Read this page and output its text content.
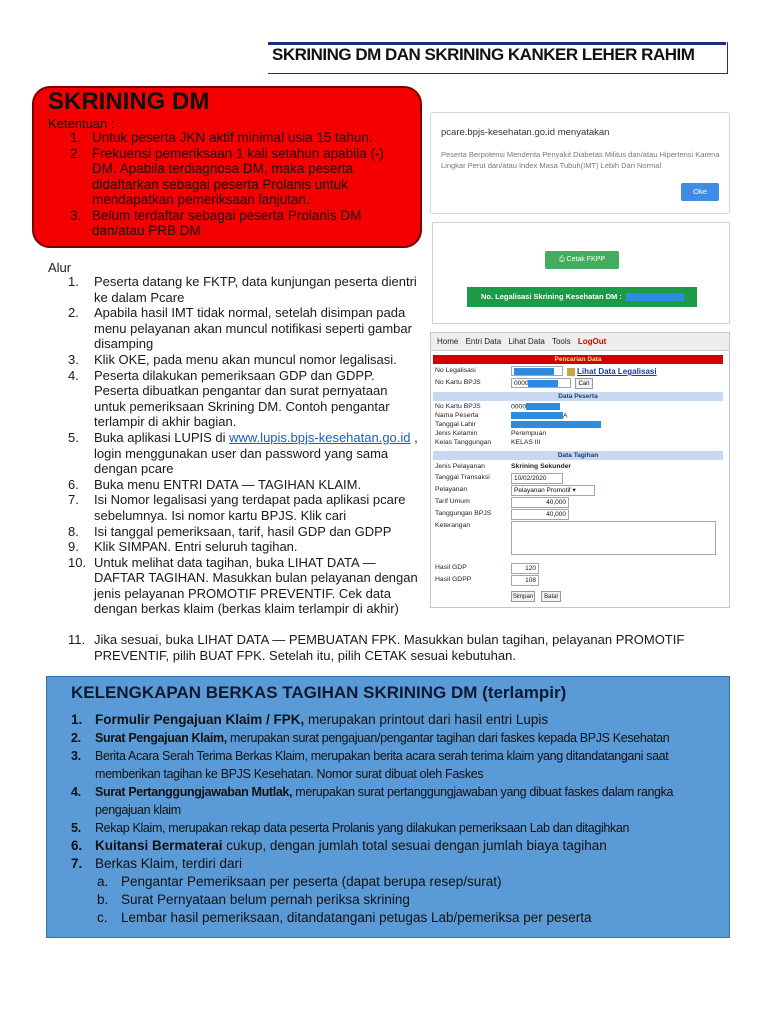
SKRINING DM DAN SKRINING KANKER LEHER RAHIM
SKRINING DM
Ketentuan :
1. Untuk peserta JKN aktif minimal usia 15 tahun.
2. Frekuensi pemeriksaan 1 kali setahun apabila (-) DM. Apabila terdiagnosa DM, maka peserta didaftarkan sebagai peserta Prolanis untuk mendapatkan pemeriksaan lanjutan.
3. Belum terdaftar sebagai peserta Prolanis DM dan/atau PRB DM
Alur
1. Peserta datang ke FKTP, data kunjungan peserta dientri ke dalam Pcare
2. Apabila hasil IMT tidak normal, setelah disimpan pada menu pelayanan akan muncul notifikasi seperti gambar disamping
3. Klik OKE, pada menu akan muncul nomor legalisasi.
4. Peserta dilakukan pemeriksaan GDP dan GDPP. Peserta dibuatkan pengantar dan surat pernyataan untuk pemeriksaan Skrining DM. Contoh pengantar terlampir di akhir bagian.
5. Buka aplikasi LUPIS di www.lupis.bpjs-kesehatan.go.id , login menggunakan user dan password yang sama dengan pcare
6. Buka menu ENTRI DATA — TAGIHAN KLAIM.
7. Isi Nomor legalisasi yang terdapat pada aplikasi pcare sebelumnya. Isi nomor kartu BPJS. Klik cari
8. Isi tanggal pemeriksaan, tarif, hasil GDP dan GDPP
9. Klik SIMPAN. Entri seluruh tagihan.
10. Untuk melihat data tagihan, buka LIHAT DATA — DAFTAR TAGIHAN. Masukkan bulan pelayanan dengan jenis pelayanan PROMOTIF PREVENTIF. Cek data dengan berkas klaim (berkas klaim terlampir di akhir)
11. Jika sesuai, buka LIHAT DATA — PEMBUATAN FPK. Masukkan bulan tagihan, pelayanan PROMOTIF PREVENTIF, pilih BUAT FPK. Setelah itu, pilih CETAK sesuai kebutuhan.
pcare.bpjs-kesehatan.go.id menyatakan
Peserta Berpotensi Menderita Penyakit Diabetas Militus dan/atau Hipertensi Karena Lingkar Perut dan/atau Index Masa Tubuh(IMT) Lebih Dari Normal
Oke
⎙ Cetak FKPP
No. Legalisasi Skrining Kesehatan DM :
Home Entri Data Lihat Data Tools LogOut
Pencarian Data
No Legalisasi	Lihat Data Legalisasi
No Kartu BPJS	0000	Cari
Data Peserta
No Kartu BPJS	0000
Nama Peserta	A
Tanggal Lahir
Jenis Kelamin	Perempuan
Kelas Tanggungan	KELAS III
Data Tagihan
Jenis Pelayanan	Skrining Sekunder
Tanggal Transaksi	10/02/2020
Pelayanan	Pelayanan Promotif ▾
Tarif Umum	40,000
Tanggungan BPJS	40,000
Keterangan
Hasil GDP	120
Hasil GDPP	108
Simpan	Batal
KELENGKAPAN BERKAS TAGIHAN SKRINING DM (terlampir)
1. Formulir Pengajuan Klaim / FPK, merupakan printout dari hasil entri Lupis
2. Surat Pengajuan Klaim, merupakan surat pengajuan/pengantar tagihan dari faskes kepada BPJS Kesehatan
3. Berita Acara Serah Terima Berkas Klaim, merupakan berita acara serah terima klaim yang ditandatangani saat memberikan tagihan ke BPJS Kesehatan. Nomor surat dibuat oleh Faskes
4. Surat Pertanggungjawaban Mutlak, merupakan surat pertanggungjawaban yang dibuat faskes dalam rangka pengajuan klaim
5. Rekap Klaim, merupakan rekap data peserta Prolanis yang dilakukan pemeriksaan Lab dan ditagihkan
6. Kuitansi Bermaterai cukup, dengan jumlah total sesuai dengan jumlah biaya tagihan
7. Berkas Klaim, terdiri dari
a. Pengantar Pemeriksaan per peserta (dapat berupa resep/surat)
b. Surat Pernyataan belum pernah periksa skrining
c. Lembar hasil pemeriksaan, ditandatangani petugas Lab/pemeriksa per peserta
